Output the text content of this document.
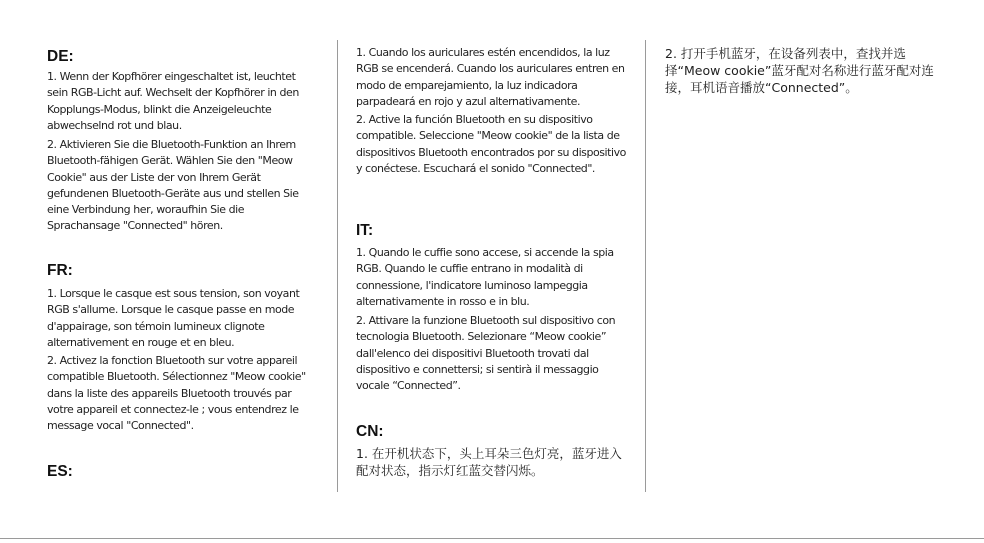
DE:

1. Wenn der Kopfhörer eingeschaltet ist, leuchtet sein RGB-Licht auf. Wechselt der Kopfhörer in den Kopplungs-Modus, blinkt die Anzeigeleuchte abwechselnd rot und blau.

2. Aktivieren Sie die Bluetooth-Funktion an Ihrem Bluetooth-fähigen Gerät. Wählen Sie den "Meow Cookie" aus der Liste der von Ihrem Gerät gefundenen Bluetooth-Geräte aus und stellen Sie eine Verbindung her, woraufhin Sie die Sprachansage "Connected" hören.

FR:

1. Lorsque le casque est sous tension, son voyant RGB s'allume. Lorsque le casque passe en mode d'appairage, son témoin lumineux clignote alternativement en rouge et en bleu.

2. Activez la fonction Bluetooth sur votre appareil compatible Bluetooth. Sélectionnez "Meow cookie" dans la liste des appareils Bluetooth trouvés par votre appareil et connectez-le ; vous entendrez le message vocal "Connected".

ES:

1. Cuando los auriculares estén encendidos, la luz RGB se encenderá. Cuando los auriculares entren en modo de emparejamiento, la luz indicadora parpadeará en rojo y azul alternativamente.

2. Active la función Bluetooth en su dispositivo compatible. Seleccione "Meow cookie" de la lista de dispositivos Bluetooth encontrados por su dispositivo y conéctese. Escuchará el sonido "Connected".

IT:

1. Quando le cuffie sono accese, si accende la spia RGB. Quando le cuffie entrano in modalità di connessione, l'indicatore luminoso lampeggia alternativamente in rosso e in blu.

2. Attivare la funzione Bluetooth sul dispositivo con tecnologia Bluetooth. Selezionare “Meow cookie” dall'elenco dei dispositivi Bluetooth trovati dal dispositivo e connettersi; si sentirà il messaggio vocale “Connected”.

CN:

1. 在开机状态下，头上耳朵三色灯亮，蓝牙进入配对状态，指示灯红蓝交替闪烁。

2. 打开手机蓝牙，在设备列表中，查找并选择“Meow cookie”蓝牙配对名称进行蓝牙配对连接，耳机语音播放“Connected”。
